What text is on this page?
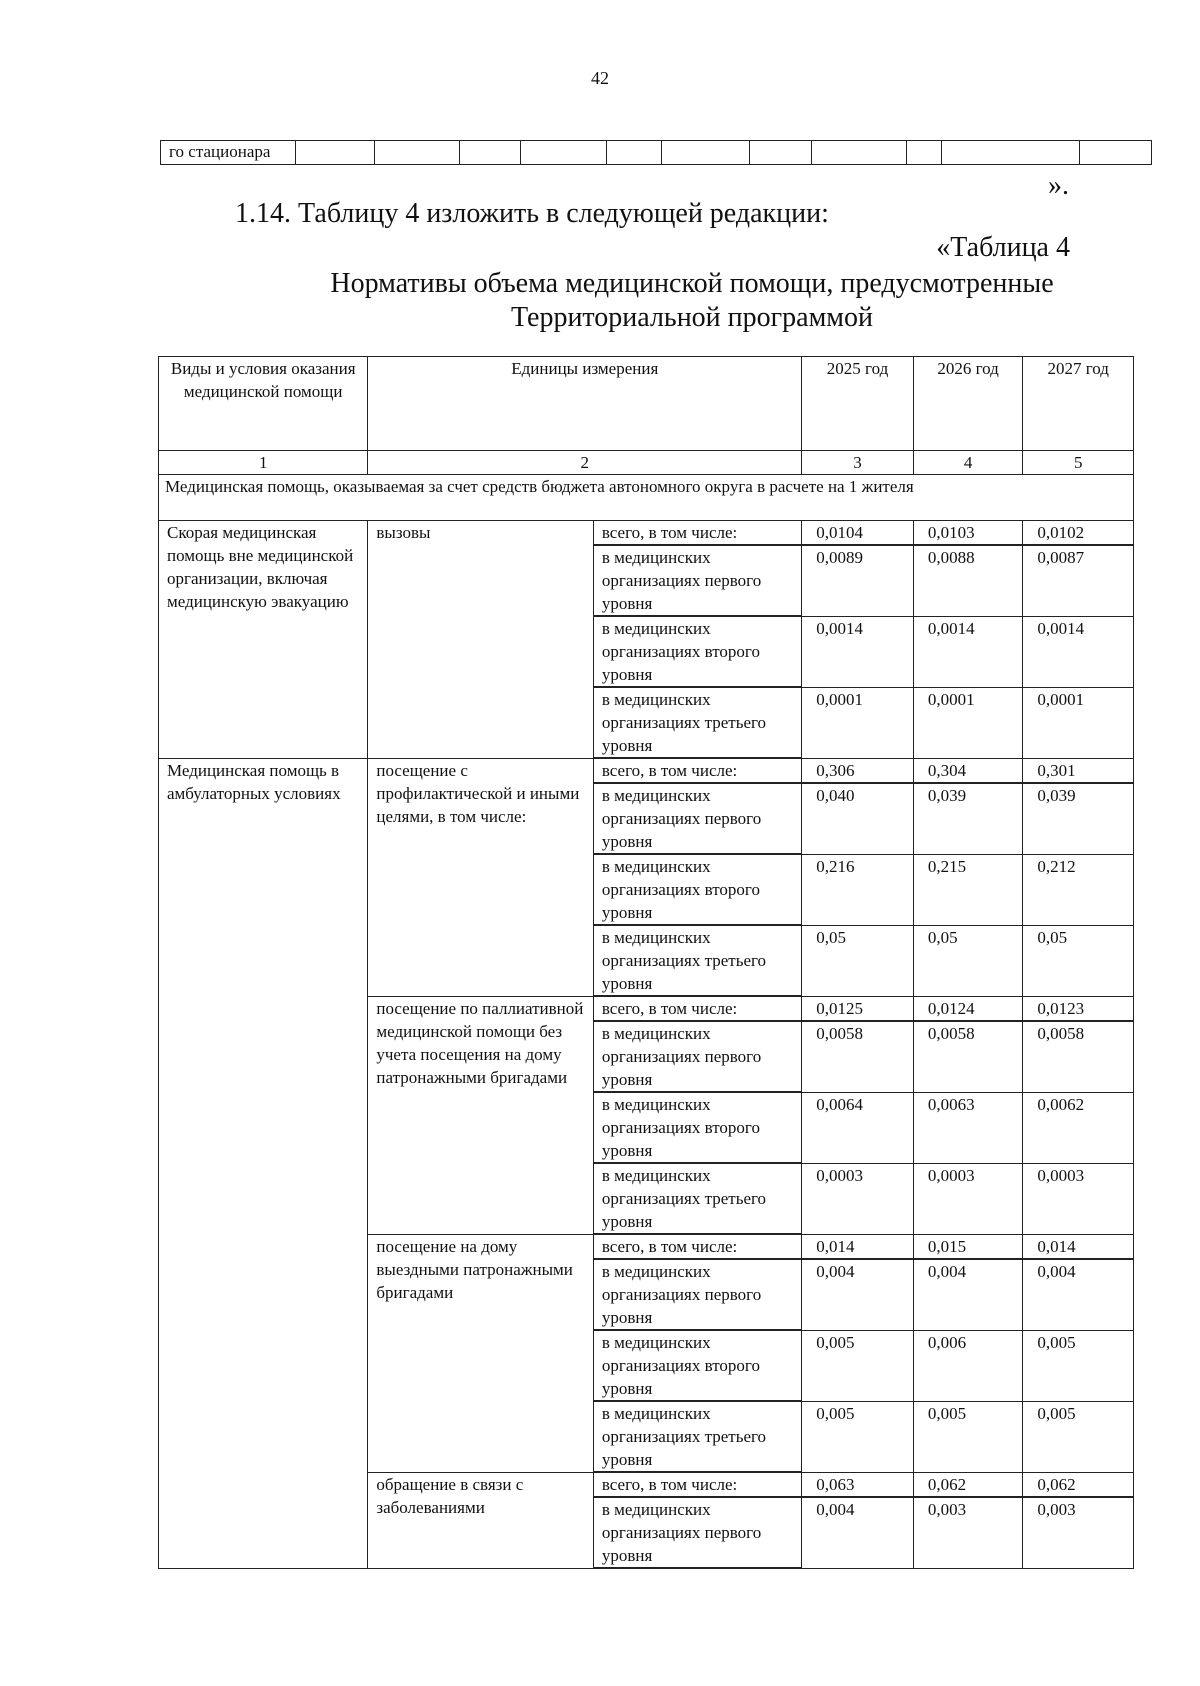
42
го стационара
».
1.14. Таблицу 4 изложить в следующей редакции:
«Таблица 4
Нормативы объема медицинской помощи, предусмотренные
Территориальной программой
Виды и условия оказания медицинской помощи	Единицы измерения		2025 год	2026 год	2027 год
1	2		3	4	5
Медицинская помощь, оказываемая за счет средств бюджета автономного округа в расчете на 1 жителя					
Скорая медицинская помощь вне медицинской организации, включая медицинскую эвакуацию	вызовы	всего, в том числе:	0,0104	0,0103	0,0102
		в медицинских организациях первого уровня	0,0089	0,0088	0,0087
		в медицинских организациях второго уровня	0,0014	0,0014	0,0014
		в медицинских организациях третьего уровня	0,0001	0,0001	0,0001
Медицинская помощь в амбулаторных условиях	посещение с профилактической и иными целями, в том числе:	всего, в том числе:	0,306	0,304	0,301
		в медицинских организациях первого уровня	0,040	0,039	0,039
		в медицинских организациях второго уровня	0,216	0,215	0,212
		в медицинских организациях третьего уровня	0,05	0,05	0,05
	посещение по паллиативной медицинской помощи без учета посещения на дому патронажными бригадами	всего, в том числе:	0,0125	0,0124	0,0123
		в медицинских организациях первого уровня	0,0058	0,0058	0,0058
		в медицинских организациях второго уровня	0,0064	0,0063	0,0062
		в медицинских организациях третьего уровня	0,0003	0,0003	0,0003
	посещение на дому выездными патронажными бригадами	всего, в том числе:	0,014	0,015	0,014
		в медицинских организациях первого уровня	0,004	0,004	0,004
		в медицинских организациях второго уровня	0,005	0,006	0,005
		в медицинских организациях третьего уровня	0,005	0,005	0,005
	обращение в связи с заболеваниями	всего, в том числе:	0,063	0,062	0,062
		в медицинских организациях первого уровня	0,004	0,003	0,003
